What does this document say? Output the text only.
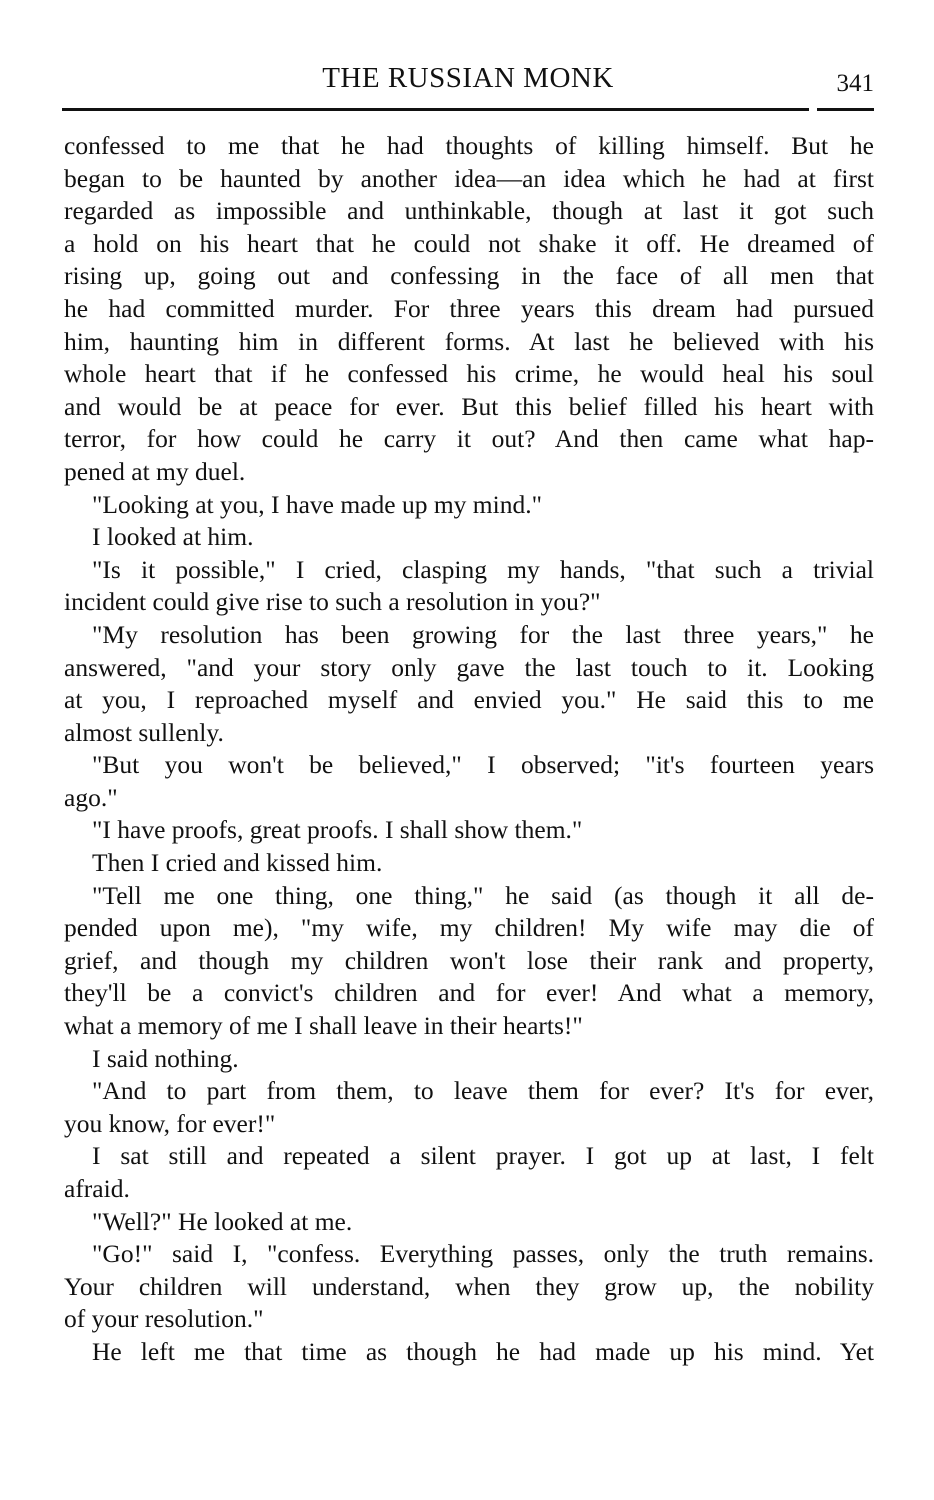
THE RUSSIAN MONK	341
confessed to me that he had thoughts of killing himself. But he
began to be haunted by another idea—an idea which he had at first
regarded as impossible and unthinkable, though at last it got such
a hold on his heart that he could not shake it off. He dreamed of
rising up, going out and confessing in the face of all men that
he had committed murder. For three years this dream had pursued
him, haunting him in different forms. At last he believed with his
whole heart that if he confessed his crime, he would heal his soul
and would be at peace for ever. But this belief filled his heart with
terror, for how could he carry it out? And then came what hap-
pened at my duel.
"Looking at you, I have made up my mind."
I looked at him.
"Is it possible," I cried, clasping my hands, "that such a trivial
incident could give rise to such a resolution in you?"
"My resolution has been growing for the last three years," he
answered, "and your story only gave the last touch to it. Looking
at you, I reproached myself and envied you." He said this to me
almost sullenly.
"But you won't be believed," I observed; "it's fourteen years
ago."
"I have proofs, great proofs. I shall show them."
Then I cried and kissed him.
"Tell me one thing, one thing," he said (as though it all de-
pended upon me), "my wife, my children! My wife may die of
grief, and though my children won't lose their rank and property,
they'll be a convict's children and for ever! And what a memory,
what a memory of me I shall leave in their hearts!"
I said nothing.
"And to part from them, to leave them for ever? It's for ever,
you know, for ever!"
I sat still and repeated a silent prayer. I got up at last, I felt
afraid.
"Well?" He looked at me.
"Go!" said I, "confess. Everything passes, only the truth remains.
Your children will understand, when they grow up, the nobility
of your resolution."
He left me that time as though he had made up his mind. Yet
